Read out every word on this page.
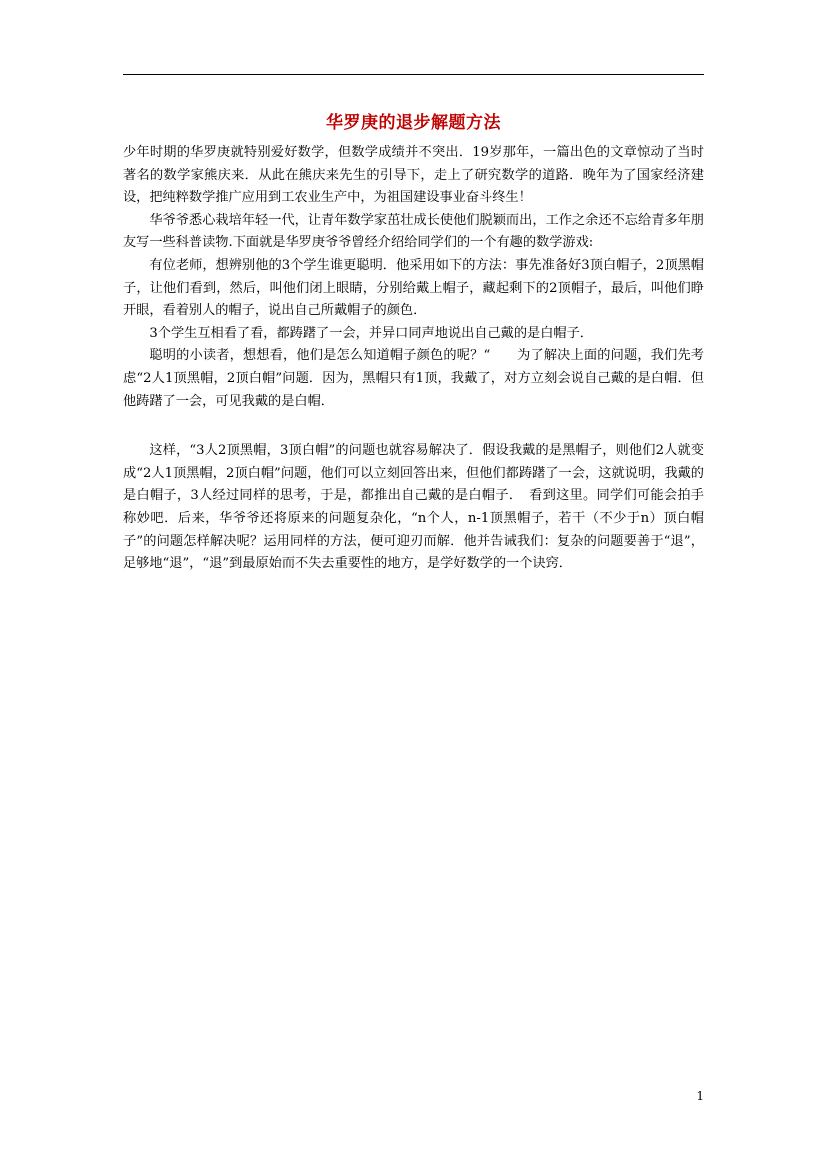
华罗庚的退步解题方法

少年时期的华罗庚就特别爱好数学，但数学成绩并不突出．19岁那年，一篇出色的文章惊动了当时著名的数学家熊庆来．从此在熊庆来先生的引导下，走上了研究数学的道路．晚年为了国家经济建设，把纯粹数学推广应用到工农业生产中，为祖国建设事业奋斗终生！

华爷爷悉心栽培年轻一代，让青年数学家茁壮成长使他们脱颖而出，工作之余还不忘给青多年朋友写一些科普读物.下面就是华罗庚爷爷曾经介绍给同学们的一个有趣的数学游戏:

有位老师，想辨别他的3个学生谁更聪明．他采用如下的方法：事先准备好3顶白帽子，2顶黑帽子，让他们看到，然后，叫他们闭上眼睛，分别给戴上帽子，藏起剩下的2顶帽子，最后，叫他们睁开眼，看着别人的帽子，说出自己所戴帽子的颜色．

3个学生互相看了看，都踌躇了一会，并异口同声地说出自己戴的是白帽子．

聪明的小读者，想想看，他们是怎么知道帽子颜色的呢？“　　为了解决上面的问题，我们先考虑“2人1顶黑帽，2顶白帽”问题．因为，黑帽只有1顶，我戴了，对方立刻会说自己戴的是白帽．但他踌躇了一会，可见我戴的是白帽．

这样，“3人2顶黑帽，3顶白帽”的问题也就容易解决了．假设我戴的是黑帽子，则他们2人就变成“2人1顶黑帽，2顶白帽”问题，他们可以立刻回答出来，但他们都踌躇了一会，这就说明，我戴的是白帽子，3人经过同样的思考，于是，都推出自己戴的是白帽子．　看到这里。同学们可能会拍手称妙吧．后来，华爷爷还将原来的问题复杂化，“n个人，n-1顶黑帽子，若干（不少于n）顶白帽子”的问题怎样解决呢？运用同样的方法，便可迎刃而解．他并告诫我们：复杂的问题要善于“退”，足够地“退”，“退”到最原始而不失去重要性的地方，是学好数学的一个诀窍．

1
